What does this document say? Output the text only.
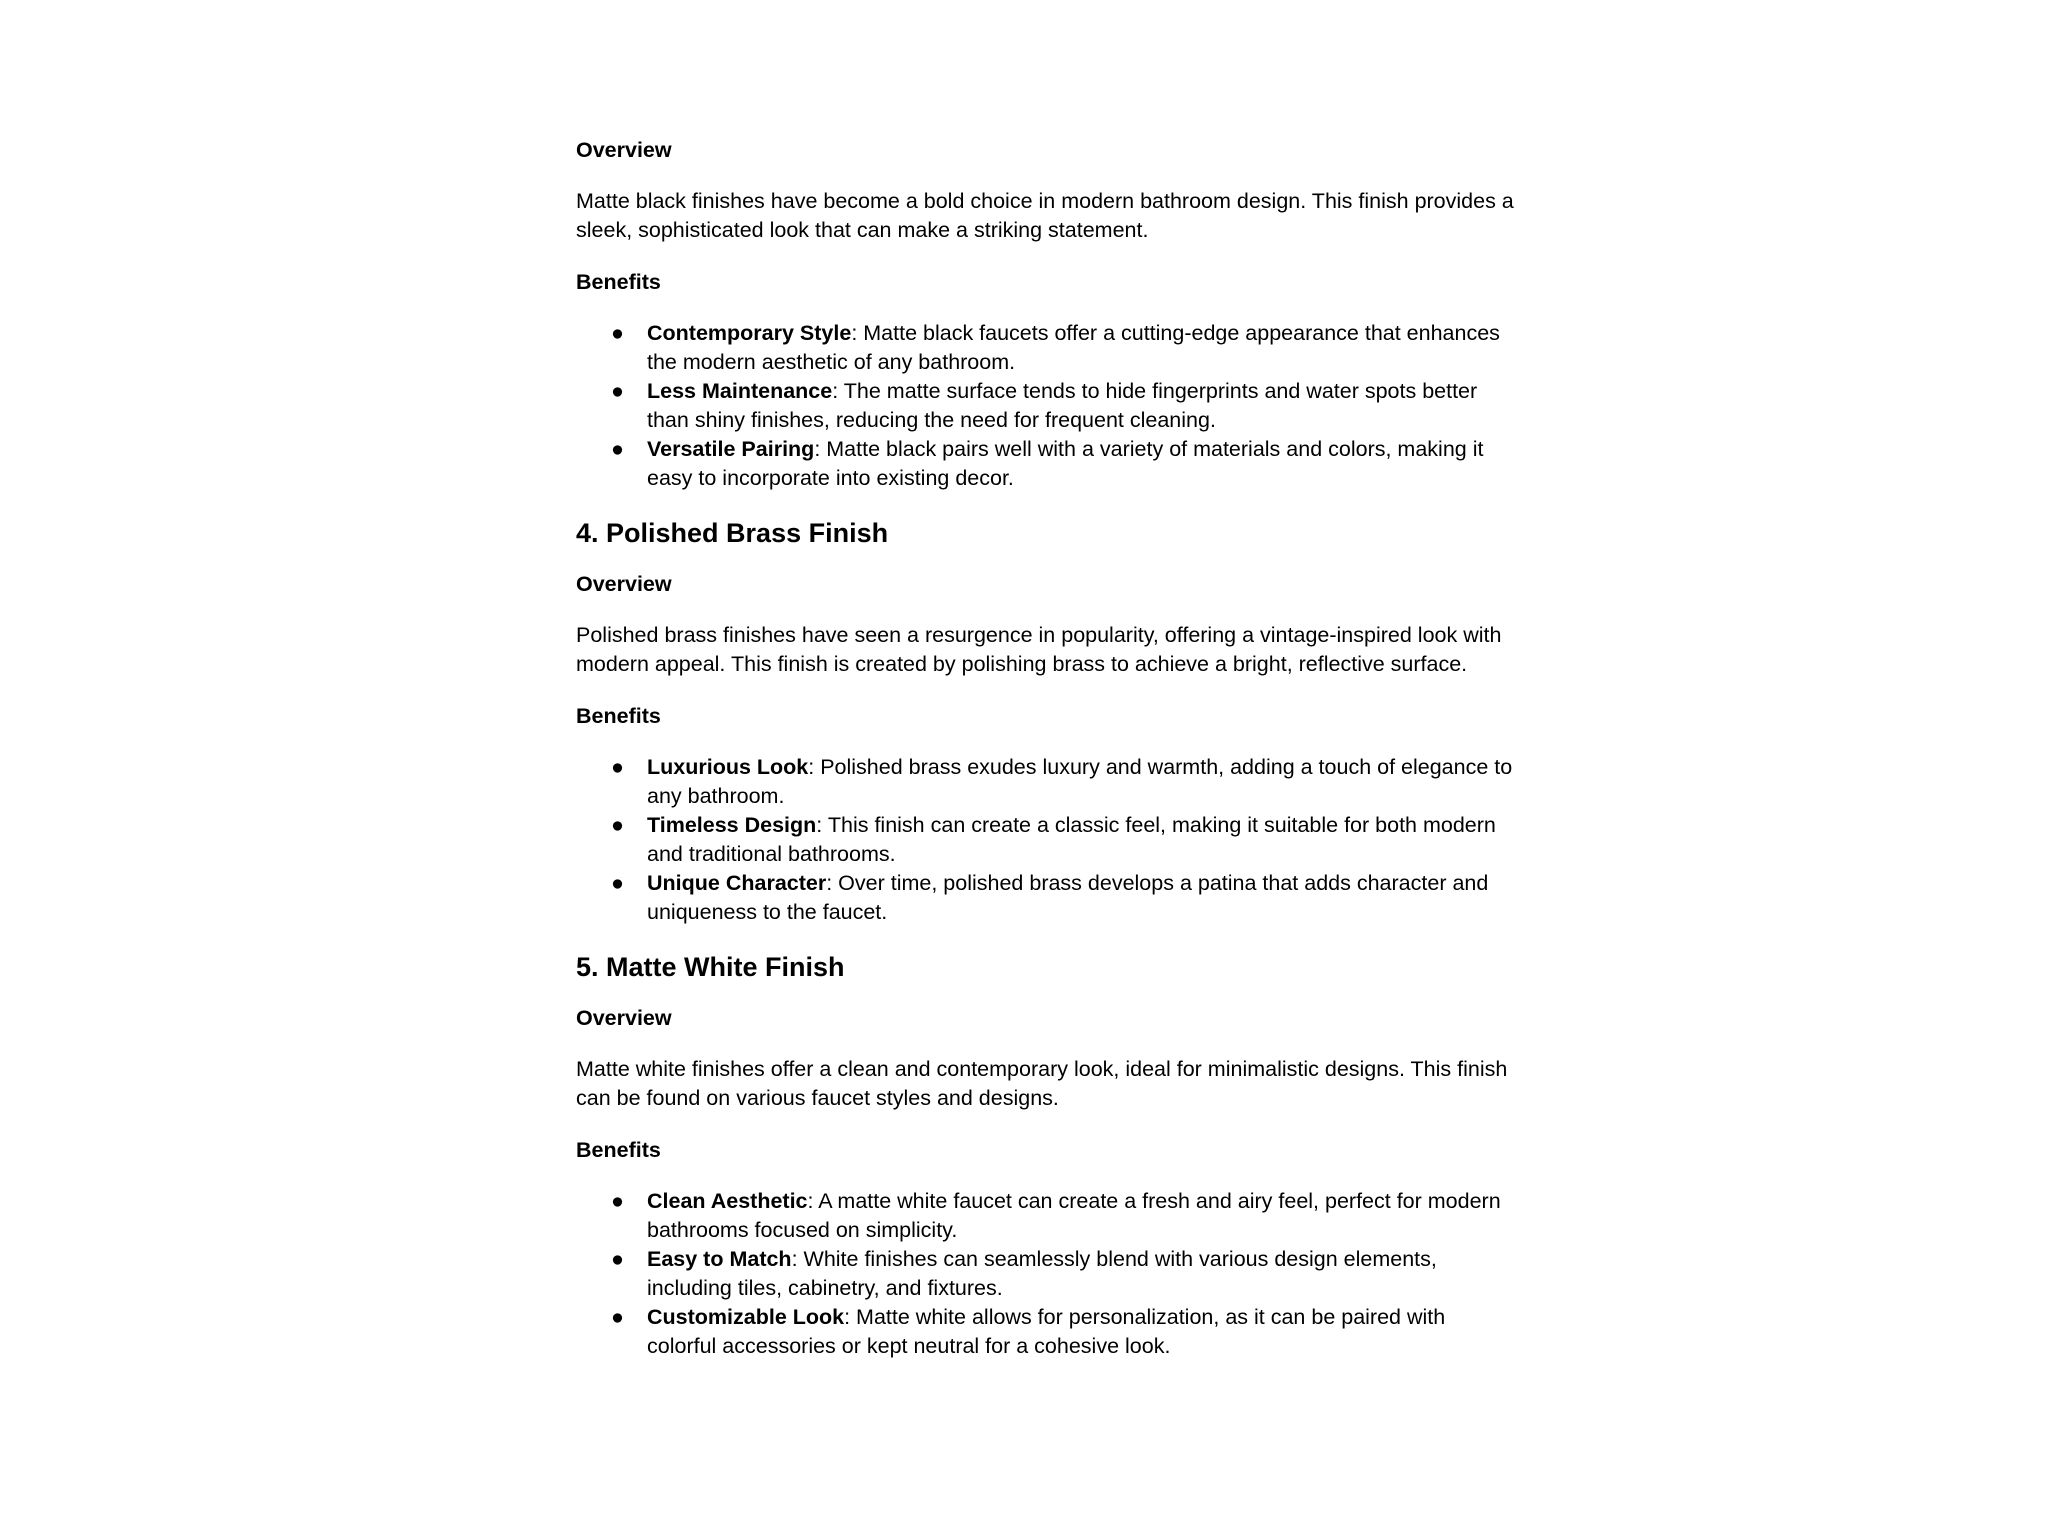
Overview
Matte black finishes have become a bold choice in modern bathroom design. This finish provides a sleek, sophisticated look that can make a striking statement.
Benefits
● Contemporary Style: Matte black faucets offer a cutting-edge appearance that enhances the modern aesthetic of any bathroom.
● Less Maintenance: The matte surface tends to hide fingerprints and water spots better than shiny finishes, reducing the need for frequent cleaning.
● Versatile Pairing: Matte black pairs well with a variety of materials and colors, making it easy to incorporate into existing decor.
4. Polished Brass Finish
Overview
Polished brass finishes have seen a resurgence in popularity, offering a vintage-inspired look with modern appeal. This finish is created by polishing brass to achieve a bright, reflective surface.
Benefits
● Luxurious Look: Polished brass exudes luxury and warmth, adding a touch of elegance to any bathroom.
● Timeless Design: This finish can create a classic feel, making it suitable for both modern and traditional bathrooms.
● Unique Character: Over time, polished brass develops a patina that adds character and uniqueness to the faucet.
5. Matte White Finish
Overview
Matte white finishes offer a clean and contemporary look, ideal for minimalistic designs. This finish can be found on various faucet styles and designs.
Benefits
● Clean Aesthetic: A matte white faucet can create a fresh and airy feel, perfect for modern bathrooms focused on simplicity.
● Easy to Match: White finishes can seamlessly blend with various design elements, including tiles, cabinetry, and fixtures.
● Customizable Look: Matte white allows for personalization, as it can be paired with colorful accessories or kept neutral for a cohesive look.
